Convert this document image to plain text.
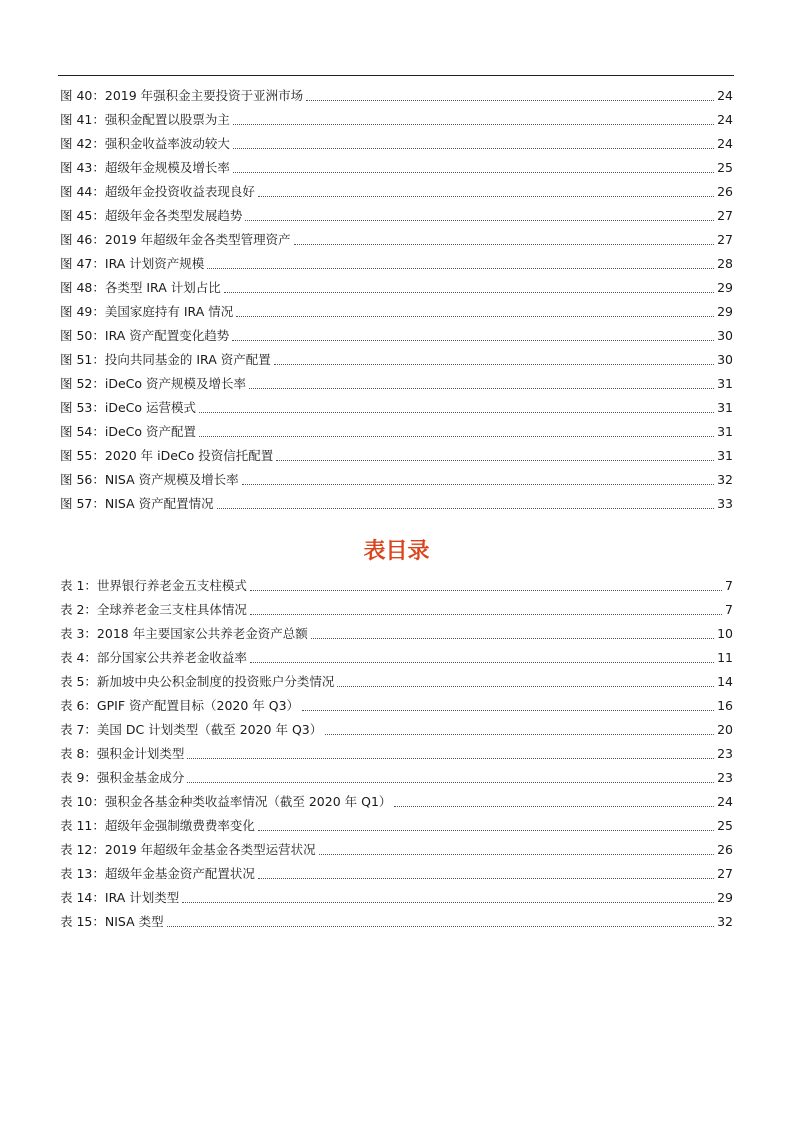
图 40：2019 年强积金主要投资于亚洲市场	24
图 41：强积金配置以股票为主	24
图 42：强积金收益率波动较大	24
图 43：超级年金规模及增长率	25
图 44：超级年金投资收益表现良好	26
图 45：超级年金各类型发展趋势	27
图 46：2019 年超级年金各类型管理资产	27
图 47：IRA 计划资产规模	28
图 48：各类型 IRA 计划占比	29
图 49：美国家庭持有 IRA 情况	29
图 50：IRA 资产配置变化趋势	30
图 51：投向共同基金的 IRA 资产配置	30
图 52：iDeCo 资产规模及增长率	31
图 53：iDeCo 运营模式	31
图 54：iDeCo 资产配置	31
图 55：2020 年 iDeCo 投资信托配置	31
图 56：NISA 资产规模及增长率	32
图 57：NISA 资产配置情况	33
表目录
表 1：世界银行养老金五支柱模式	7
表 2：全球养老金三支柱具体情况	7
表 3：2018 年主要国家公共养老金资产总额	10
表 4：部分国家公共养老金收益率	11
表 5：新加坡中央公积金制度的投资账户分类情况	14
表 6：GPIF 资产配置目标（2020 年 Q3）	16
表 7：美国 DC 计划类型（截至 2020 年 Q3）	20
表 8：强积金计划类型	23
表 9：强积金基金成分	23
表 10：强积金各基金种类收益率情况（截至 2020 年 Q1）	24
表 11：超级年金强制缴费费率变化	25
表 12：2019 年超级年金基金各类型运营状况	26
表 13：超级年金基金资产配置状况	27
表 14：IRA 计划类型	29
表 15：NISA 类型	32
